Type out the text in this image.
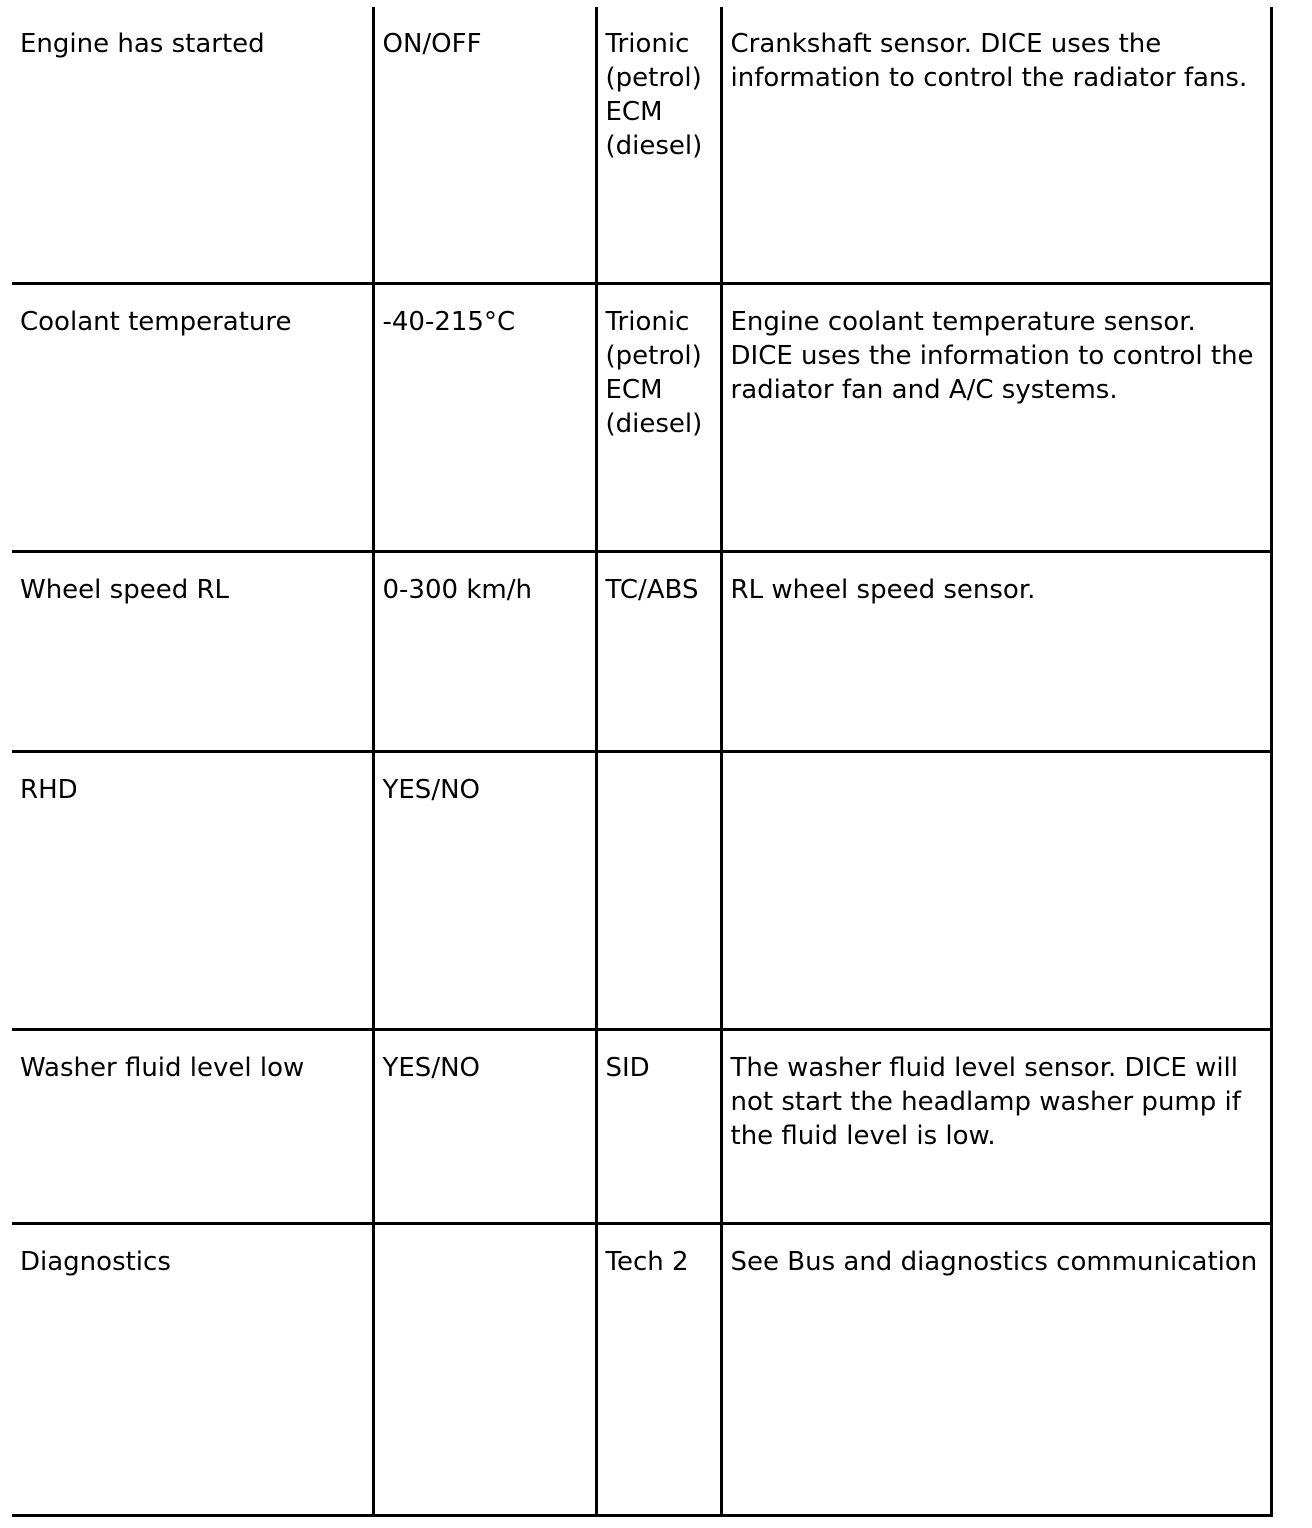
Engine has started	ON/OFF	Trionic
(petrol)
ECM
(diesel)	Crankshaft sensor. DICE uses the information to control the radiator fans.
Coolant temperature	-40-215°C	Trionic
(petrol)
ECM
(diesel)	Engine coolant temperature sensor. DICE uses the information to control the radiator fan and A/C systems.
Wheel speed RL	0-300 km/h	TC/ABS	RL wheel speed sensor.
RHD	YES/NO		
Washer fluid level low	YES/NO	SID	The washer fluid level sensor. DICE will not start the headlamp washer pump if the fluid level is low.
Diagnostics		Tech 2	See Bus and diagnostics communication
